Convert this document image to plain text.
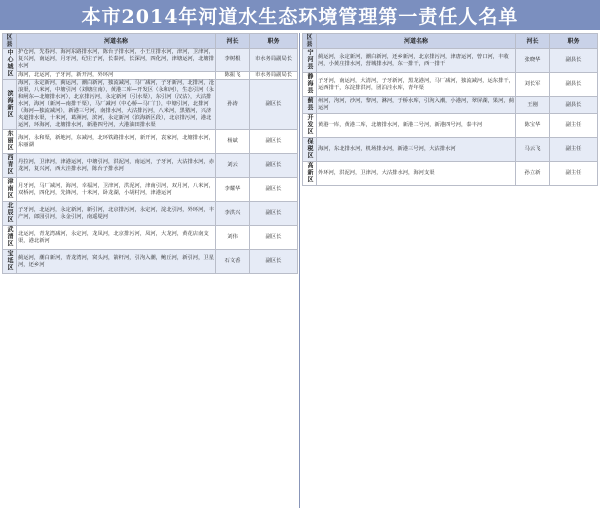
本市2014年河道水生态环境管理第一责任人名单
区县	河道名称	河长	职务
中心城区	护仓河，先春河、海河东路排水河，陈台子排水河，小王庄排水河，津河，卫津河，复兴河，南运河，月牙河，纪庄子河，长泰河，长深河，四化河，津塘运河，北塘排水河	李树根	市水务局副局长
	海河，北运河，子牙河，新开河，外环河	陈振飞	市水务局副局长
滨海新区	海河，永定新河，蓟运河，潮白新河，独流减河，马厂减河，子牙新河，北排河，沧浪渠，八米河，中塘引河（刘塘庄南），黄港二库—开发区（永和河），生态引河（永和闸东—北塘排水河），北京排污河，永定新河（引水渠），东引河（汉沽），大沽排水河，海河（新河—南排干渠），马厂减河（中心桥—马厂门），中塘引河，北排河（海河—独流减河），新港三号河，南排水河，大沽排污河，八米河，黑猪河，兴济夹道排水渠，十米河，葛洲河，滨河，永定新河（滨海新区段），北京排污河，港北运河，环海河，北塘排水河，新港四号河，大港油田排水渠	孙涛	副区长
东丽区	海河，永和渠，新地河，东减河，北环铁路排水河，新开河，袁家河，北塘排水河，东丽湖	杨斌	副区长
西青区	丹拉河，卫津河，津港运河，中塘引河，洪泥河，南运河，子牙河，大沽排水河，赤龙河，复兴河，西大洼排水河，陈台子排水河	刘云	副区长
津南区	月牙河，马厂减河，海河，幸福河，卫津河，洪泥河，津南引河，双月河，八米河，双桥河，四化河，先锋河，十米河，卧龙湖，小胡村河，津港运河	李耀华	副区长
北辰区	子牙河，北运河，永定新河，新引河，北京排污河，永定河，淀北引河，外环河，丰产河，郎园引河，永金引河，南遥堤河	李洪兴	副区长
武清区	北运河，青龙湾减河，永定河，龙凤河，北京排污河，凤河，大龙河，黄花店南支渠，港北新河	刘伟	副区长
宝坻区	蓟运河，潮白新河，青龙湾河，窝头河，箭杆河，引泃入潮，鲍丘河，新引河，卫星河，还乡河	石文香	副区长
区县	河道名称	河长	职务
宁河县	蓟运河，永定新河，潮白新河，还乡新河，北京排污河，津唐运河，曾口河，丰收河，小黄庄排水河，营城排水河，东一排干，西一排干	张晓华	副县长
静海县	子牙河，南运河，大清河，子牙新河，黑龙港河，马厂减河，独流减河，运东排干，运西排干，东淀排洪河，团泊洼水库，青年渠	刘长军	副县长
蓟县	州河，泃河，沙河，黎河，淋河，于桥水库，引泃入潮，小港河，翠屏湖，果河，蓟运河	王刚	副县长
开发区	黄港一库，黄港二库，北塘排水河，新港二号河，新港四号河，泰丰河	陈宝华	副主任
保税区	海河，东北排水河，机场排水河，新港三号河，大沽排水河	马云飞	副主任
高新区	外环河，洪泥河，卫津河，大沽排水河，海河支渠	孙立新	副主任
